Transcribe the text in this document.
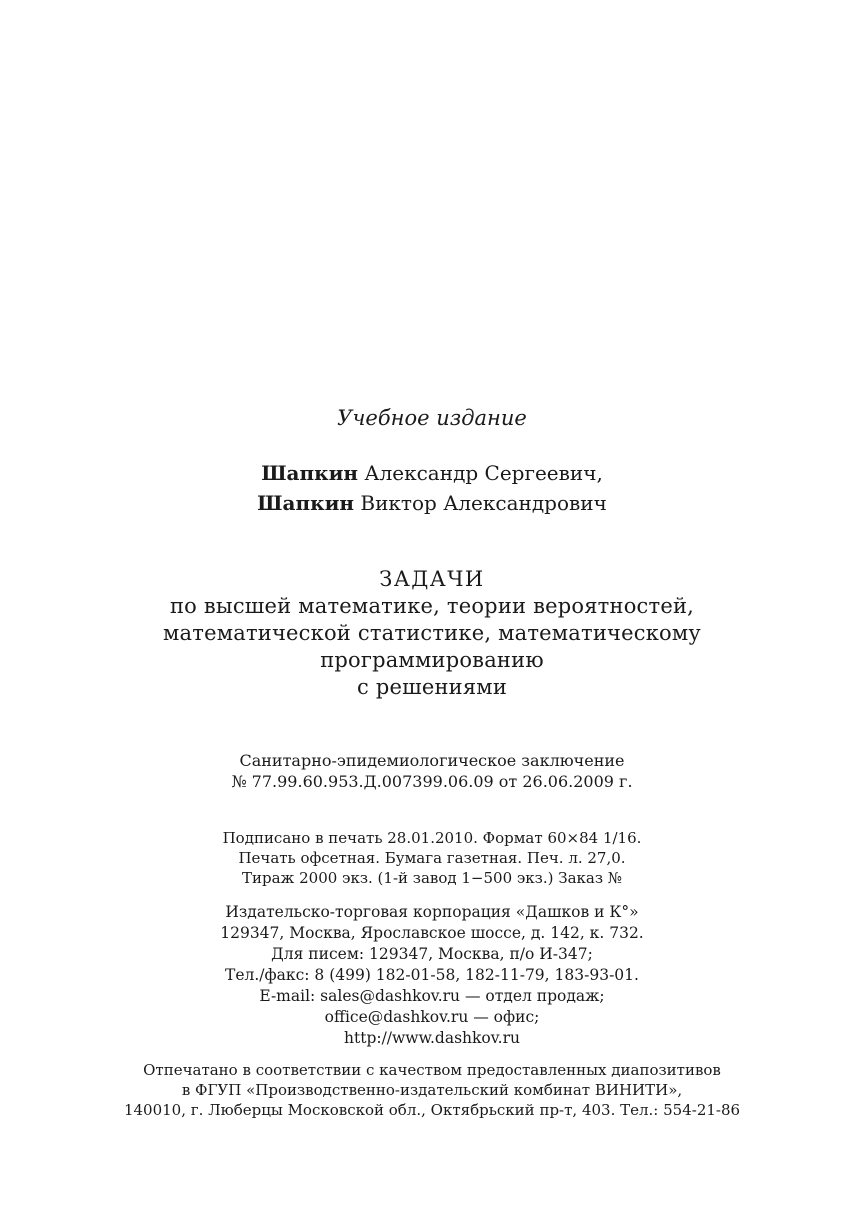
Учебное издание
Шапкин Александр Сергеевич,
Шапкин Виктор Александрович
ЗАДАЧИ
по высшей математике, теории вероятностей,
математической статистике, математическому
программированию
с решениями
Санитарно-эпидемиологическое заключение
№ 77.99.60.953.Д.007399.06.09 от 26.06.2009 г.
Подписано в печать 28.01.2010. Формат 60×84 1/16.
Печать офсетная. Бумага газетная. Печ. л. 27,0.
Тираж 2000 экз. (1-й завод 1−500 экз.) Заказ №
Издательско-торговая корпорация «Дашков и К°»
129347, Москва, Ярославское шоссе, д. 142, к. 732.
Для писем: 129347, Москва, п/о И-347;
Тел./факс: 8 (499) 182-01-58, 182-11-79, 183-93-01.
E-mail: sales@dashkov.ru — отдел продаж;
office@dashkov.ru — офис;
http://www.dashkov.ru
Отпечатано в соответствии с качеством предоставленных диапозитивов
в ФГУП «Производственно-издательский комбинат ВИНИТИ»,
140010, г. Люберцы Московской обл., Октябрьский пр-т, 403. Тел.: 554-21-86
